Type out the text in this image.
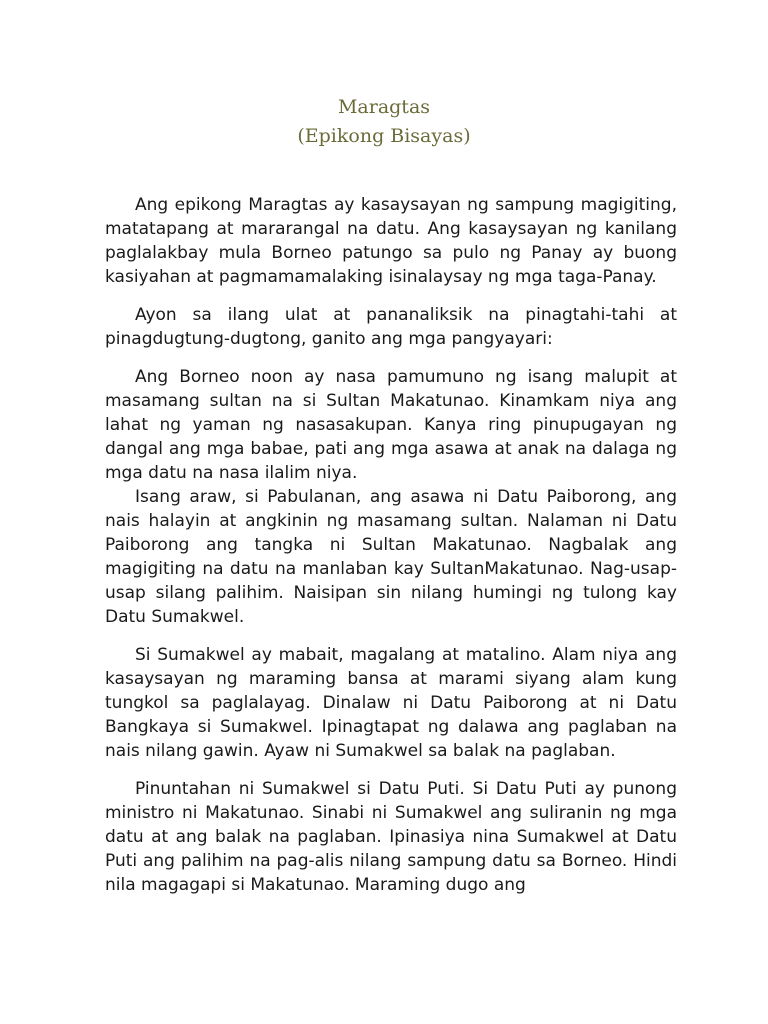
Maragtas
(Epikong Bisayas)

Ang epikong Maragtas ay kasaysayan ng sampung magigiting, matatapang at mararangal na datu. Ang kasaysayan ng kanilang paglalakbay mula Borneo patungo sa pulo ng Panay ay buong kasiyahan at pagmamamalaking isinalaysay ng mga taga-Panay.

Ayon sa ilang ulat at pananaliksik na pinagtahi-tahi at pinagdugtung-dugtong, ganito ang mga pangyayari:

Ang Borneo noon ay nasa pamumuno ng isang malupit at masamang sultan na si Sultan Makatunao. Kinamkam niya ang lahat ng yaman ng nasasakupan. Kanya ring pinupugayan ng dangal ang mga babae, pati ang mga asawa at anak na dalaga ng mga datu na nasa ilalim niya.

Isang araw, si Pabulanan, ang asawa ni Datu Paiborong, ang nais halayin at angkinin ng masamang sultan. Nalaman ni Datu Paiborong ang tangka ni Sultan Makatunao. Nagbalak ang magigiting na datu na manlaban kay SultanMakatunao. Nag-usap-usap silang palihim. Naisipan sin nilang humingi ng tulong kay Datu Sumakwel.

Si Sumakwel ay mabait, magalang at matalino. Alam niya ang kasaysayan ng maraming bansa at marami siyang alam kung tungkol sa paglalayag. Dinalaw ni Datu Paiborong at ni Datu Bangkaya si Sumakwel. Ipinagtapat ng dalawa ang paglaban na nais nilang gawin. Ayaw ni Sumakwel sa balak na paglaban.

Pinuntahan ni Sumakwel si Datu Puti. Si Datu Puti ay punong ministro ni Makatunao. Sinabi ni Sumakwel ang suliranin ng mga datu at ang balak na paglaban. Ipinasiya nina Sumakwel at Datu Puti ang palihim na pag-alis nilang sampung datu sa Borneo. Hindi nila magagapi si Makatunao. Maraming dugo ang
